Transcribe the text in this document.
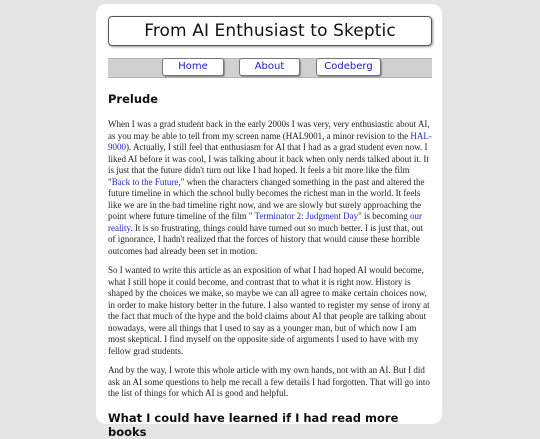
From AI Enthusiast to Skeptic
Home	About	Codeberg
Prelude

When I was a grad student back in the early 2000s I was very, very enthusiastic about AI, as you may be able to tell from my screen name (HAL9001, a minor revision to the HAL-9000). Actually, I still feel that enthusiasm for AI that I had as a grad student even now. I liked AI before it was cool, I was talking about it back when only nerds talked about it. It is just that the future didn't turn out like I had hoped. It feels a bit more like the film "Back to the Future," when the characters changed something in the past and altered the future timeline in which the school bully becomes the richest man in the world. It feels like we are in the bad timeline right now, and we are slowly but surely approaching the point where future timeline of the film " Terminator 2: Judgment Day" is becoming our reality. It is so frustrating, things could have turned out so much better. I is just that, out of ignorance, I hadn't realized that the forces of history that would cause these horrible outcomes had already been set in motion.

So I wanted to write this article as an exposition of what I had hoped AI would become, what I still hope it could become, and contrast that to what it is right now. History is shaped by the choices we make, so maybe we can all agree to make certain choices now, in order to make history better in the future. I also wanted to register my sense of irony at the fact that much of the hype and the bold claims about AI that people are talking about nowadays, were all things that I used to say as a younger man, but of which now I am most skeptical. I find myself on the opposite side of arguments I used to have with my fellow grad students.

And by the way, I wrote this whole article with my own hands, not with an AI. But I did ask an AI some questions to help me recall a few details I had forgotten. That will go into the list of things for which AI is good and helpful.

What I could have learned if I had read more books
